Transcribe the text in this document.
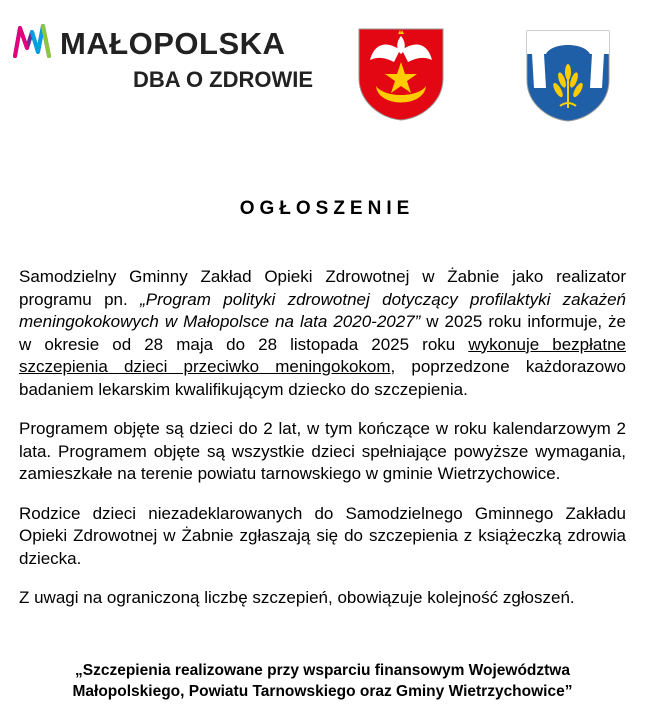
MAŁOPOLSKA
DBA O ZDROWIE
OGŁOSZENIE

Samodzielny Gminny Zakład Opieki Zdrowotnej w Żabnie jako realizator programu pn. „Program polityki zdrowotnej dotyczący profilaktyki zakażeń meningokokowych w Małopolsce na lata 2020-2027” w 2025 roku informuje, że w okresie od 28 maja do 28 listopada 2025 roku wykonuje bezpłatne szczepienia dzieci przeciwko meningokokom, poprzedzone każdorazowo badaniem lekarskim kwalifikującym dziecko do szczepienia.

Programem objęte są dzieci do 2 lat, w tym kończące w roku kalendarzowym 2 lata. Programem objęte są wszystkie dzieci spełniające powyższe wymagania, zamieszkałe na terenie powiatu tarnowskiego w gminie Wietrzychowice.

Rodzice dzieci niezadeklarowanych do Samodzielnego Gminnego Zakładu Opieki Zdrowotnej w Żabnie zgłaszają się do szczepienia z książeczką zdrowia dziecka.

Z uwagi na ograniczoną liczbę szczepień, obowiązuje kolejność zgłoszeń.

„Szczepienia realizowane przy wsparciu finansowym Województwa
Małopolskiego, Powiatu Tarnowskiego oraz Gminy Wietrzychowice”
